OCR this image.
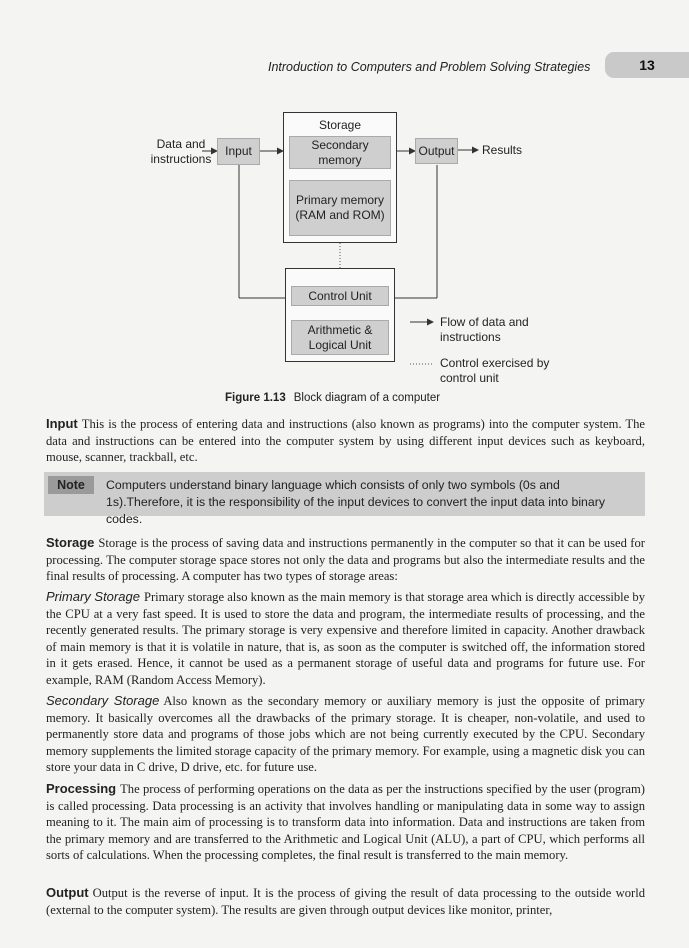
Introduction to Computers and Problem Solving Strategies	13
Data and instructions
Input
Storage
Secondary memory
Primary memory (RAM and ROM)
Output Results
Control Unit
Arithmetic & Logical Unit
Flow of data and instructions
Control exercised by control unit
Figure 1.13 Block diagram of a computer

Input This is the process of entering data and instructions (also known as programs) into the computer system. The data and instructions can be entered into the computer system by using different input devices such as keyboard, mouse, scanner, trackball, etc.

Note	Computers understand binary language which consists of only two symbols (0s and 1s).Therefore, it is the responsibility of the input devices to convert the input data into binary codes.

Storage Storage is the process of saving data and instructions permanently in the computer so that it can be used for processing. The computer storage space stores not only the data and programs but also the intermediate results and the final results of processing. A computer has two types of storage areas:

Primary Storage Primary storage also known as the main memory is that storage area which is directly accessible by the CPU at a very fast speed. It is used to store the data and program, the intermediate results of processing, and the recently generated results. The primary storage is very expensive and therefore limited in capacity. Another drawback of main memory is that it is volatile in nature, that is, as soon as the computer is switched off, the information stored in it gets erased. Hence, it cannot be used as a permanent storage of useful data and programs for future use. For example, RAM (Random Access Memory).

Secondary Storage Also known as the secondary memory or auxiliary memory is just the opposite of primary memory. It basically overcomes all the drawbacks of the primary storage. It is cheaper, non-volatile, and used to permanently store data and programs of those jobs which are not being currently executed by the CPU. Secondary memory supplements the limited storage capacity of the primary memory. For example, using a magnetic disk you can store your data in C drive, D drive, etc. for future use.

Processing The process of performing operations on the data as per the instructions specified by the user (program) is called processing. Data processing is an activity that involves handling or manipulating data in some way to assign meaning to it. The main aim of processing is to transform data into information. Data and instructions are taken from the primary memory and are transferred to the Arithmetic and Logical Unit (ALU), a part of CPU, which performs all sorts of calculations. When the processing completes, the final result is transferred to the main memory.

Output Output is the reverse of input. It is the process of giving the result of data processing to the outside world (external to the computer system). The results are given through output devices like monitor, printer,
